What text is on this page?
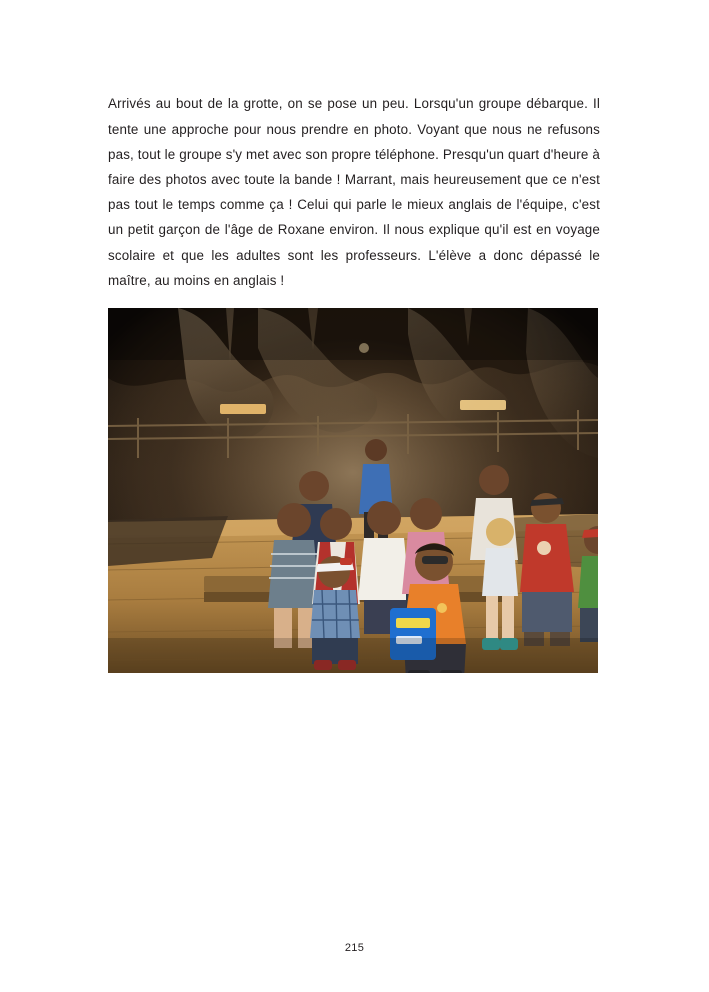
Arrivés au bout de la grotte, on se pose un peu. Lorsqu'un groupe débarque. Il tente une approche pour nous prendre en photo. Voyant que nous ne refusons pas, tout le groupe s'y met avec son propre téléphone. Presqu'un quart d'heure à faire des photos avec toute la bande ! Marrant, mais heureusement que ce n'est pas tout le temps comme ça ! Celui qui parle le mieux anglais de l'équipe, c'est un petit garçon de l'âge de Roxane environ. Il nous explique qu'il est en voyage scolaire et que les adultes sont les professeurs. L'élève a donc dépassé le maître, au moins en anglais !

215
